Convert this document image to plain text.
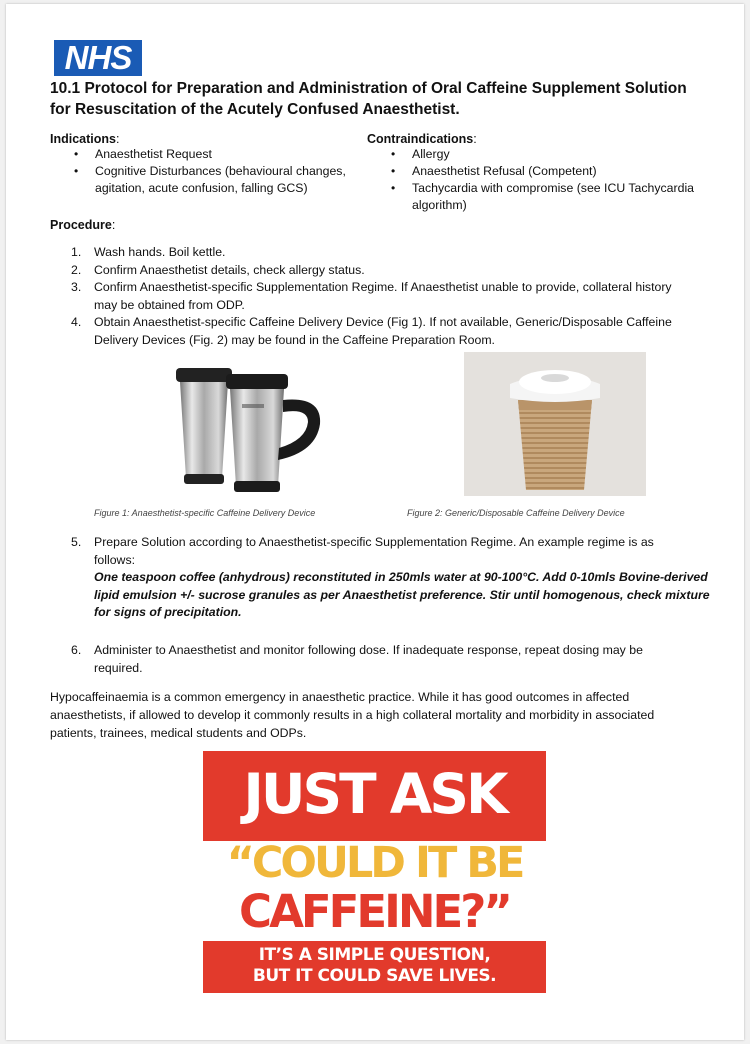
NHS
10.1 Protocol for Preparation and Administration of Oral Caffeine Supplement Solution
for Resuscitation of the Acutely Confused Anaesthetist.
Indications:
• Anaesthetist Request
• Cognitive Disturbances (behavioural changes,
agitation, acute confusion, falling GCS)
Contraindications:
• Allergy
• Anaesthetist Refusal (Competent)
• Tachycardia with compromise (see ICU Tachycardia
algorithm)
Procedure:
1. Wash hands. Boil kettle.
2. Confirm Anaesthetist details, check allergy status.
3. Confirm Anaesthetist-specific Supplementation Regime. If Anaesthetist unable to provide, collateral history
may be obtained from ODP.
4. Obtain Anaesthetist-specific Caffeine Delivery Device (Fig 1). If not available, Generic/Disposable Caffeine
Delivery Devices (Fig. 2) may be found in the Caffeine Preparation Room.
Figure 1: Anaesthetist-specific Caffeine Delivery Device	Figure 2: Generic/Disposable Caffeine Delivery Device
5. Prepare Solution according to Anaesthetist-specific Supplementation Regime. An example regime is as
follows:
One teaspoon coffee (anhydrous) reconstituted in 250mls water at 90-100°C. Add 0-10mls Bovine-derived
lipid emulsion +/- sucrose granules as per Anaesthetist preference. Stir until homogenous, check mixture
for signs of precipitation.
6. Administer to Anaesthetist and monitor following dose. If inadequate response, repeat dosing may be
required.
Hypocaffeinaemia is a common emergency in anaesthetic practice. While it has good outcomes in affected
anaesthetists, if allowed to develop it commonly results in a high collateral mortality and morbidity in associated
patients, trainees, medical students and ODPs.
JUST ASK
“COULD IT BE
CAFFEINE?”
IT’S A SIMPLE QUESTION,
BUT IT COULD SAVE LIVES.
